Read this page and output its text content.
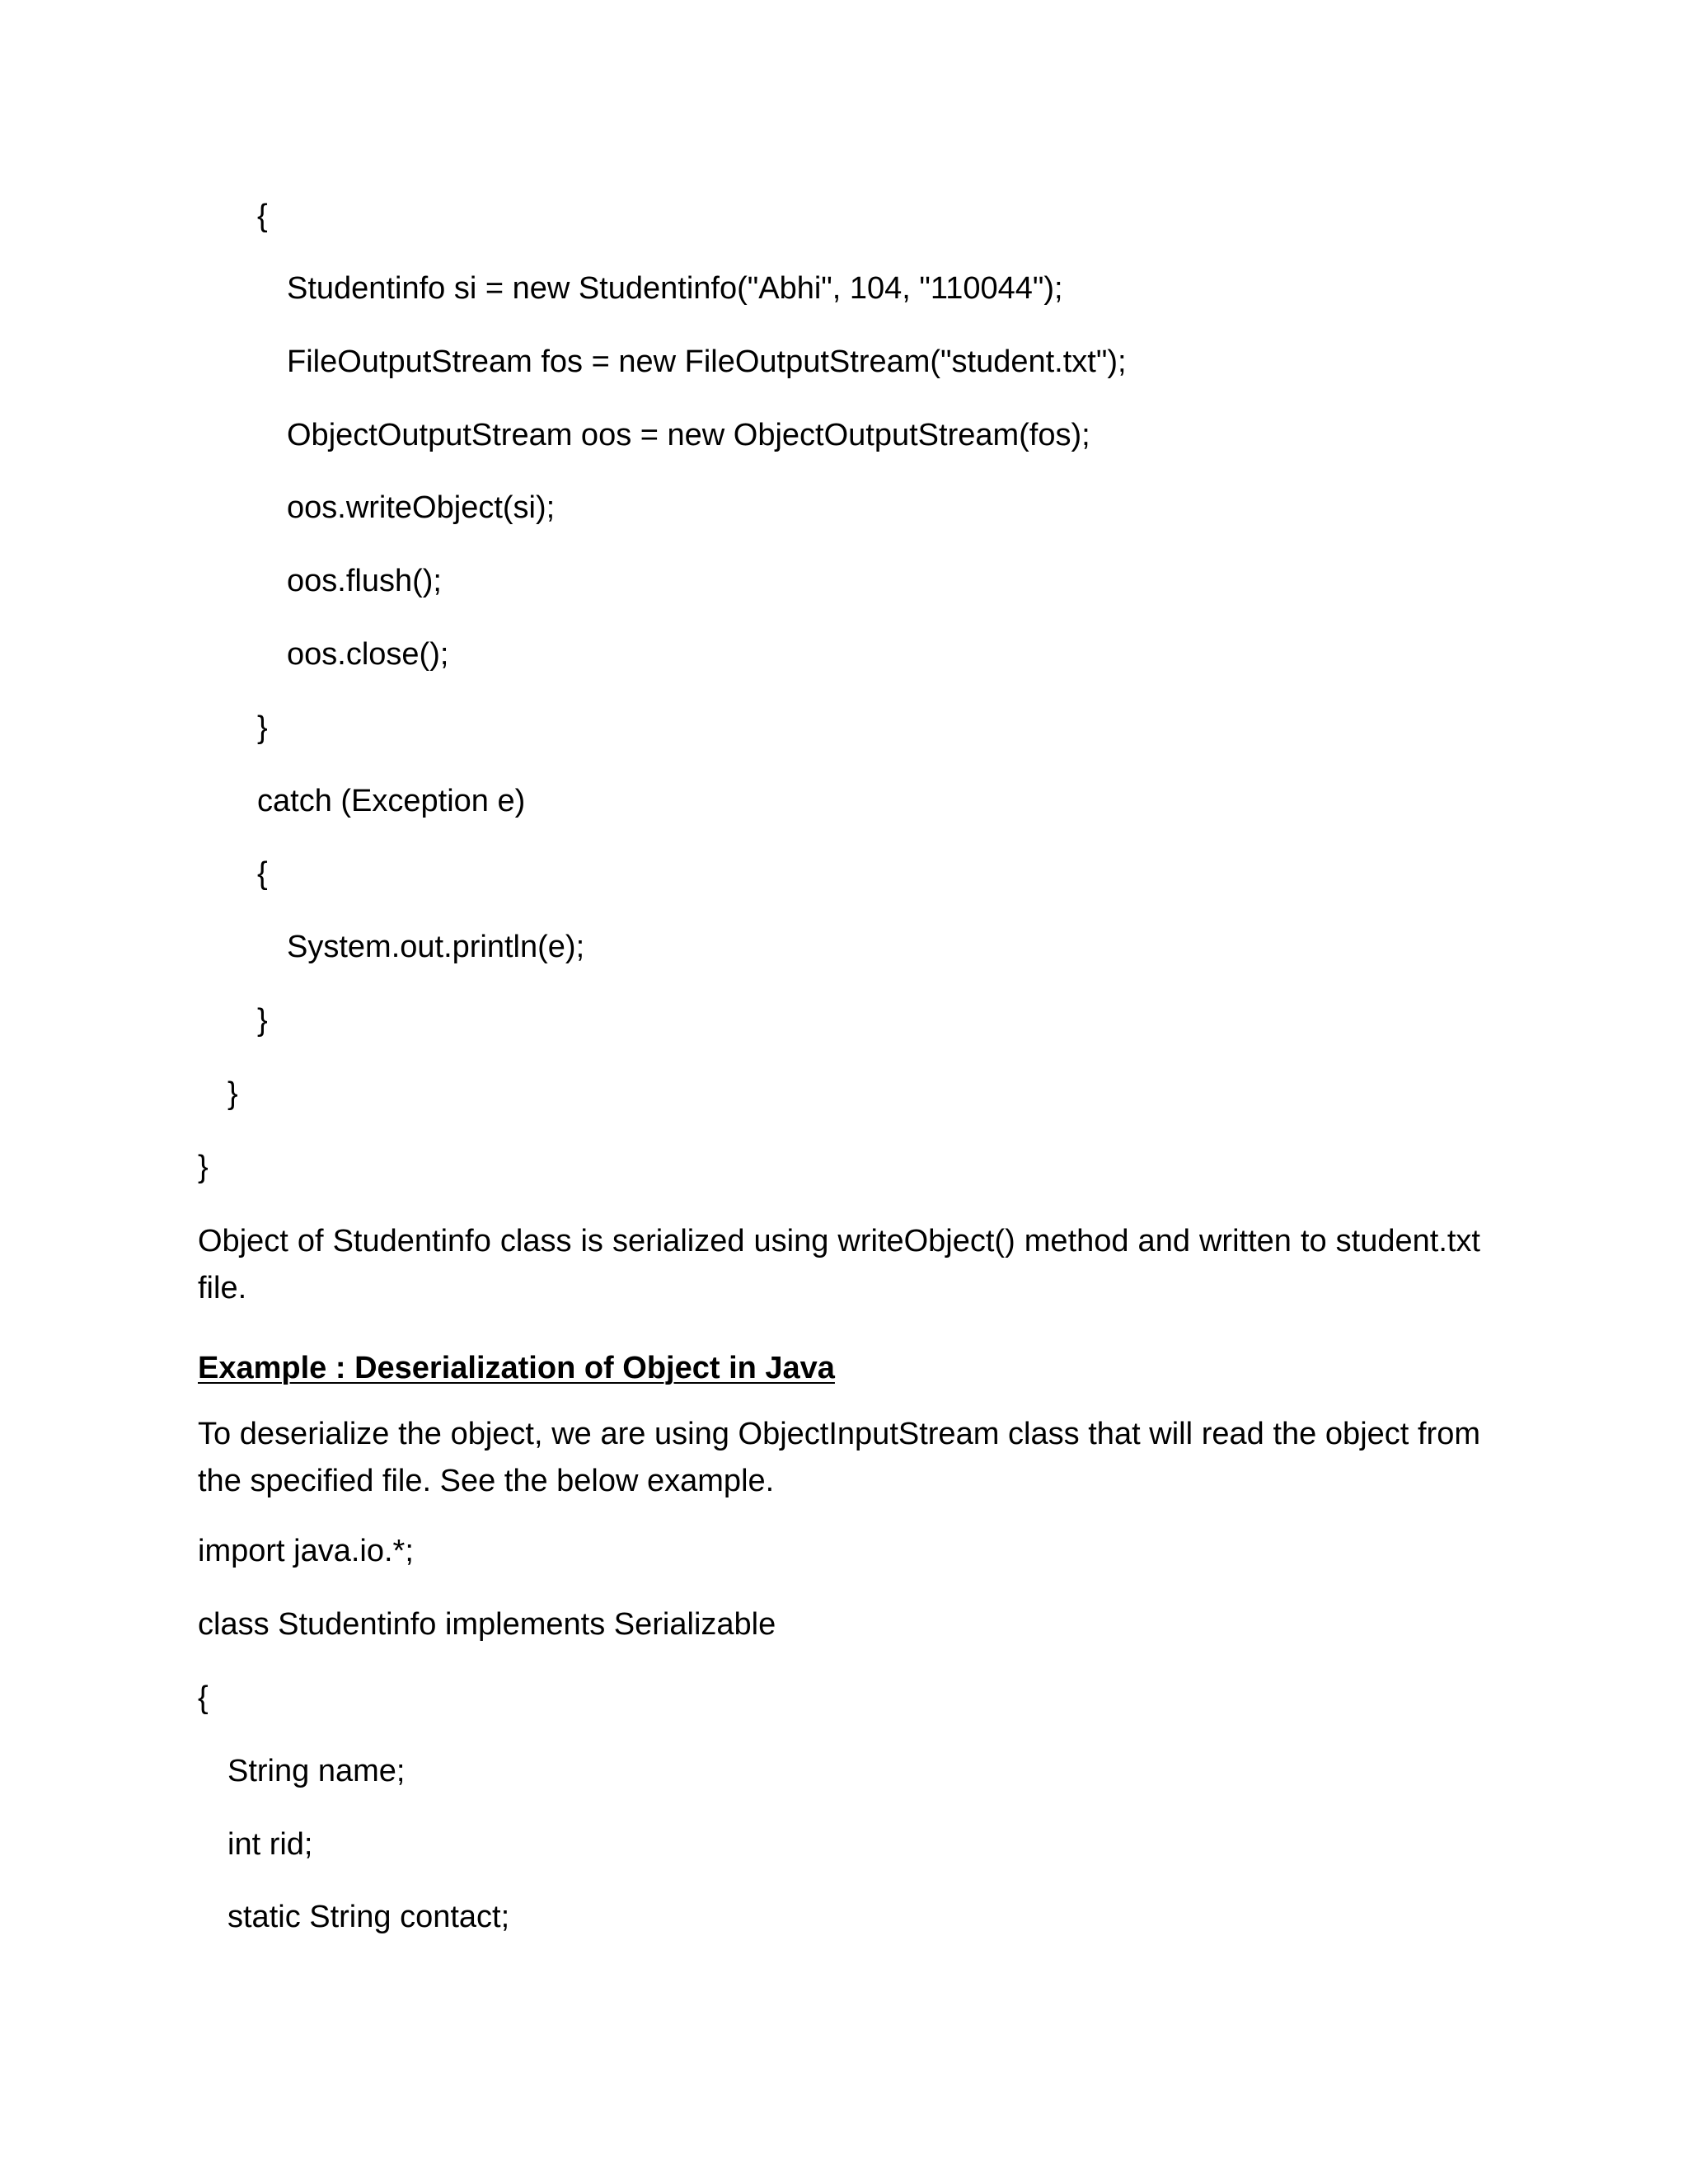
{
Studentinfo si = new Studentinfo("Abhi", 104, "110044");
FileOutputStream fos = new FileOutputStream("student.txt");
ObjectOutputStream oos = new ObjectOutputStream(fos);
oos.writeObject(si);
oos.flush();
oos.close();
}
catch (Exception e)
{
System.out.println(e);
}
}
}
Object of Studentinfo class is serialized using writeObject() method and written to student.txt file.
Example : Deserialization of Object in Java
To deserialize the object, we are using ObjectInputStream class that will read the object from the specified file. See the below example.
import java.io.*;
class Studentinfo implements Serializable
{
String name;
int rid;
static String contact;
